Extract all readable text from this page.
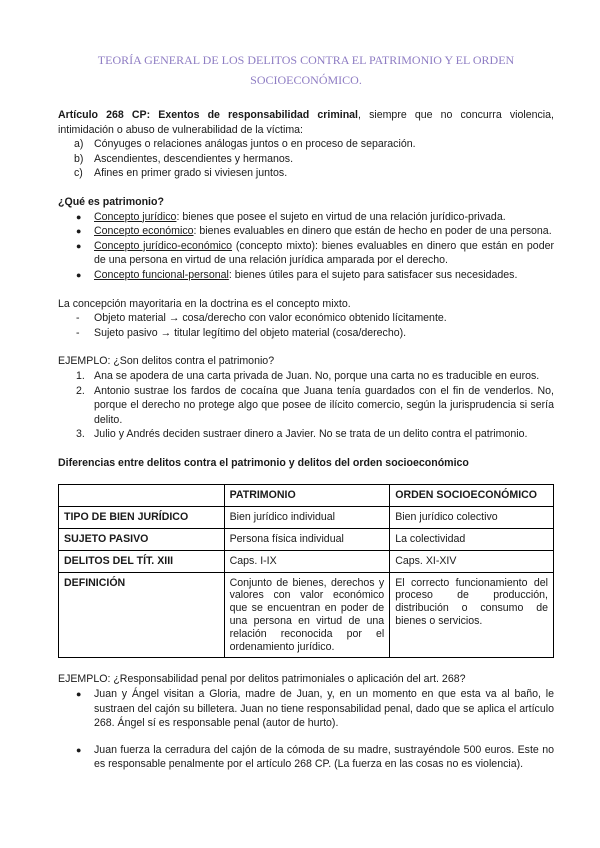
TEORÍA GENERAL DE LOS DELITOS CONTRA EL PATRIMONIO Y EL ORDEN
SOCIOECONÓMICO.

Artículo 268 CP: Exentos de responsabilidad criminal, siempre que no concurra violencia, intimidación o abuso de vulnerabilidad de la víctima:

a) Cónyuges o relaciones análogas juntos o en proceso de separación.
b) Ascendientes, descendientes y hermanos.
c) Afines en primer grado si viviesen juntos.

¿Qué es patrimonio?

● Concepto jurídico: bienes que posee el sujeto en virtud de una relación jurídico-privada.
● Concepto económico: bienes evaluables en dinero que están de hecho en poder de una persona.
● Concepto jurídico-económico (concepto mixto): bienes evaluables en dinero que están en poder de una persona en virtud de una relación jurídica amparada por el derecho.
● Concepto funcional-personal: bienes útiles para el sujeto para satisfacer sus necesidades.

La concepción mayoritaria en la doctrina es el concepto mixto.

- Objeto material → cosa/derecho con valor económico obtenido lícitamente.
- Sujeto pasivo → titular legítimo del objeto material (cosa/derecho).

EJEMPLO: ¿Son delitos contra el patrimonio?

1. Ana se apodera de una carta privada de Juan. No, porque una carta no es traducible en euros.
2. Antonio sustrae los fardos de cocaína que Juana tenía guardados con el fin de venderlos. No, porque el derecho no protege algo que posee de ilícito comercio, según la jurisprudencia si sería delito.
3. Julio y Andrés deciden sustraer dinero a Javier. No se trata de un delito contra el patrimonio.

Diferencias entre delitos contra el patrimonio y delitos del orden socioeconómico

	PATRIMONIO	ORDEN SOCIOECONÓMICO
TIPO DE BIEN JURÍDICO	Bien jurídico individual	Bien jurídico colectivo
SUJETO PASIVO	Persona física individual	La colectividad
DELITOS DEL TÍT. XIII	Caps. I-IX	Caps. XI-XIV
DEFINICIÓN	Conjunto de bienes, derechos y valores con valor económico que se encuentran en poder de una persona en virtud de una relación reconocida por el ordenamiento jurídico.	El correcto funcionamiento del proceso de producción, distribución o consumo de bienes o servicios.

EJEMPLO: ¿Responsabilidad penal por delitos patrimoniales o aplicación del art. 268?

● Juan y Ángel visitan a Gloria, madre de Juan, y, en un momento en que esta va al baño, le sustraen del cajón su billetera. Juan no tiene responsabilidad penal, dado que se aplica el artículo 268. Ángel sí es responsable penal (autor de hurto).
● Juan fuerza la cerradura del cajón de la cómoda de su madre, sustrayéndole 500 euros. Este no es responsable penalmente por el artículo 268 CP. (La fuerza en las cosas no es violencia).
